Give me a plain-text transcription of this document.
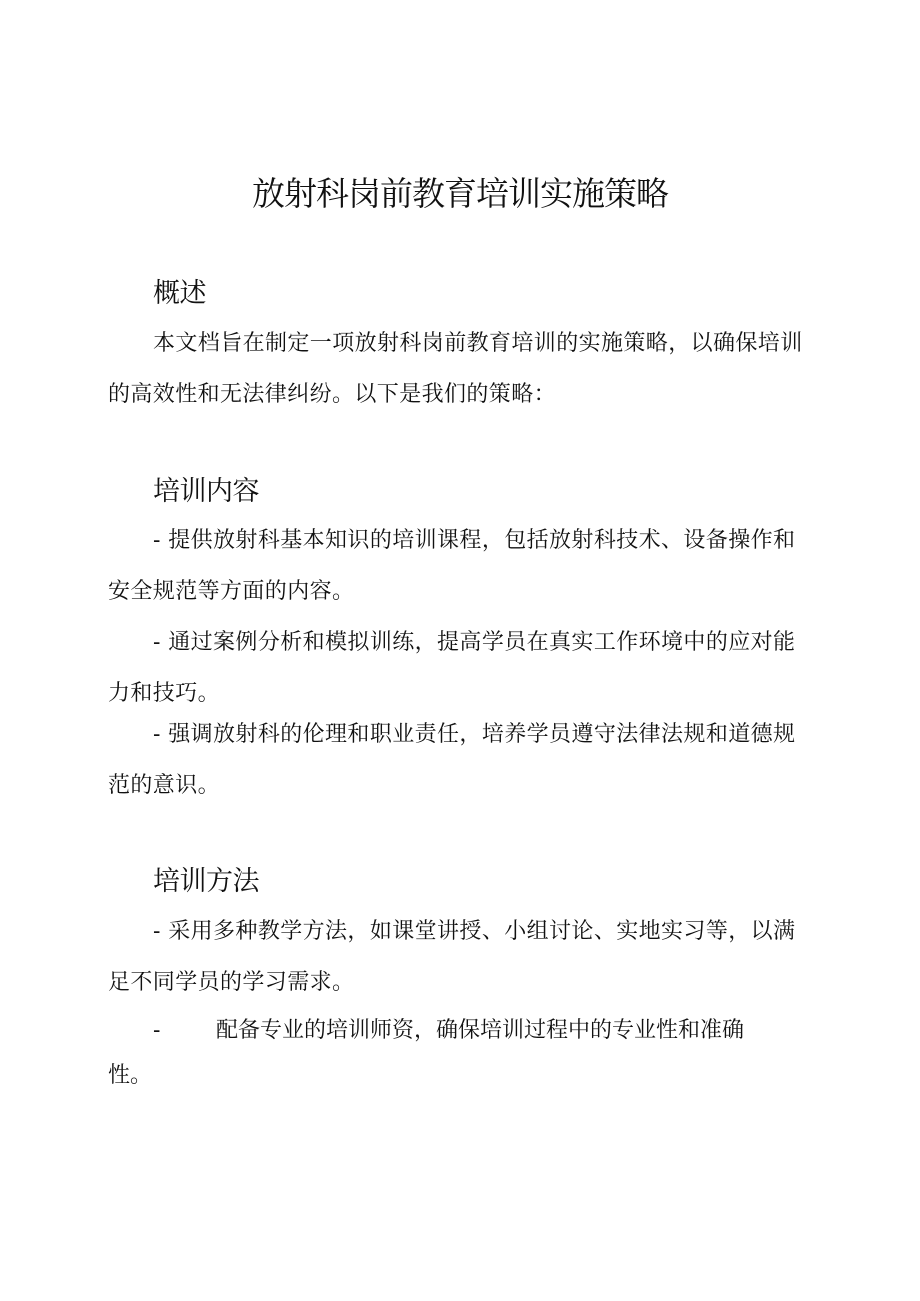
放射科岗前教育培训实施策略
概述

本文档旨在制定一项放射科岗前教育培训的实施策略，以确保培训的高效性和无法律纠纷。以下是我们的策略：

培训内容

- 提供放射科基本知识的培训课程，包括放射科技术、设备操作和安全规范等方面的内容。

- 通过案例分析和模拟训练，提高学员在真实工作环境中的应对能力和技巧。

- 强调放射科的伦理和职业责任，培养学员遵守法律法规和道德规范的意识。

培训方法

- 采用多种教学方法，如课堂讲授、小组讨论、实地实习等，以满足不同学员的学习需求。

-	配备专业的培训师资，确保培训过程中的专业性和准确

性。
